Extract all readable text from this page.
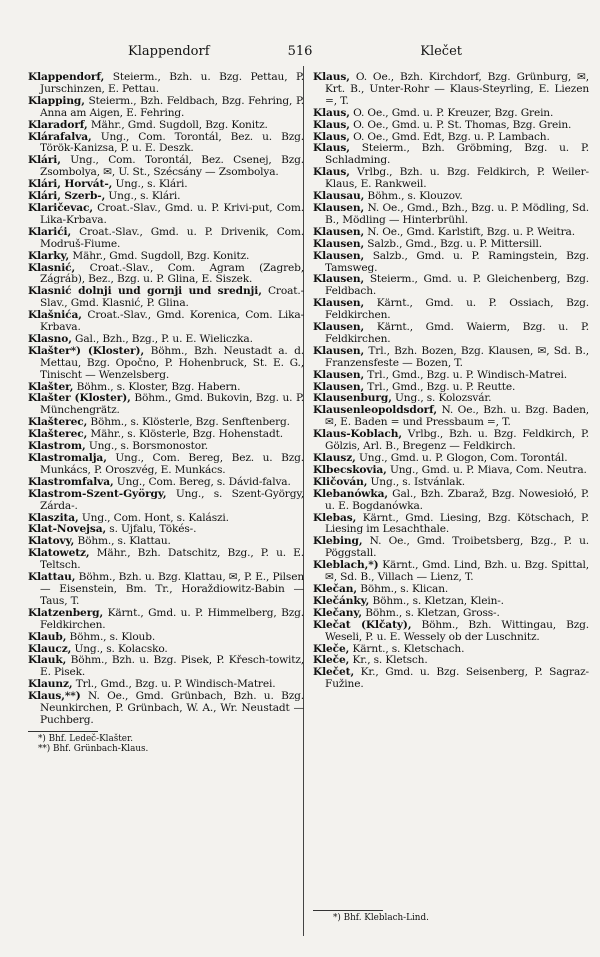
Klappendorf	516	Klečet

Klappendorf, Steierm., Bzh. u. Bzg. Pettau, P. Jurschinzen, E. Pettau.

Klapping, Steierm., Bzh. Feldbach, Bzg. Fehring, P. Anna am Aigen, E. Fehring.

Klaradorf, Mähr., Gmd. Sugdoll, Bzg. Konitz.

Klárafalva, Ung., Com. Torontál, Bez. u. Bzg. Török-Kanizsa, P. u. E. Deszk.

Klári, Ung., Com. Torontál, Bez. Csenej, Bzg. Zsombolya, ✉, U. St., Szécsány — Zsombolya.

Klári, Horvát-, Ung., s. Klári.

Klári, Szerb-, Ung., s. Klári.

Klaričevac, Croat.-Slav., Gmd. u. P. Krivi-put, Com. Lika-Krbava.

Klarići, Croat.-Slav., Gmd. u. P. Drivenik, Com. Modruš-Fiume.

Klarky, Mähr., Gmd. Sugdoll, Bzg. Konitz.

Klasnić, Croat.-Slav., Com. Agram (Zagreb, Zágráb), Bez., Bzg. u. P. Glina, E. Siszek.

Klasnić dolnji und gornji und srednji, Croat.-Slav., Gmd. Klasnić, P. Glina.

Klašnića, Croat.-Slav., Gmd. Korenica, Com. Lika-Krbava.

Klasno, Gal., Bzh., Bzg., P. u. E. Wieliczka.

Klašter*) (Kloster), Böhm., Bzh. Neustadt a. d. Mettau, Bzg. Opočno, P. Hohenbruck, St. E. G., Tinischt — Wenzelsberg.

Klašter, Böhm., s. Kloster, Bzg. Habern.

Klašter (Kloster), Böhm., Gmd. Bukovin, Bzg. u. P. Münchengrätz.

Klašterec, Böhm., s. Klösterle, Bzg. Senftenberg.

Klašterec, Mähr., s. Klösterle, Bzg. Hohenstadt.

Klastrom, Ung., s. Borsmonostor.

Klastromalja, Ung., Com. Bereg, Bez. u. Bzg. Munkács, P. Oroszvég, E. Munkács.

Klastromfalva, Ung., Com. Bereg, s. Dávid-falva.

Klastrom-Szent-György, Ung., s. Szent-György, Zárda-.

Klaszita, Ung., Com. Hont, s. Kalászi.

Klat-Novejsa, s. Ujfalu, Tökés-.

Klatovy, Böhm., s. Klattau.

Klatowetz, Mähr., Bzh. Datschitz, Bzg., P. u. E. Teltsch.

Klattau, Böhm., Bzh. u. Bzg. Klattau, ✉, P. E., Pilsen — Eisenstein, Bm. Tr., Horaždiowitz-Babin — Taus, T.

Klatzenberg, Kärnt., Gmd. u. P. Himmelberg, Bzg. Feldkirchen.

Klaub, Böhm., s. Kloub.

Klaucz, Ung., s. Kolacsko.

Klauk, Böhm., Bzh. u. Bzg. Pisek, P. Křesch-towitz, E. Pisek.

Klaunz, Trl., Gmd., Bzg. u. P. Windisch-Matrei.

Klaus,**) N. Oe., Gmd. Grünbach, Bzh. u. Bzg. Neunkirchen, P. Grünbach, W. A., Wr. Neustadt — Puchberg.

*) Bhf. Ledeč-Klašter.
**) Bhf. Grünbach-Klaus.

Klaus, O. Oe., Bzh. Kirchdorf, Bzg. Grünburg, ✉, Krt. B., Unter-Rohr — Klaus-Steyrling, E. Liezen =, T.

Klaus, O. Oe., Gmd. u. P. Kreuzer, Bzg. Grein.

Klaus, O. Oe., Gmd. u. P. St. Thomas, Bzg. Grein.

Klaus, O. Oe., Gmd. Edt, Bzg. u. P. Lambach.

Klaus, Steierm., Bzh. Gröbming, Bzg. u. P. Schladming.

Klaus, Vrlbg., Bzh. u. Bzg. Feldkirch, P. Weiler-Klaus, E. Rankweil.

Klausau, Böhm., s. Klouzov.

Klausen, N. Oe., Gmd., Bzh., Bzg. u. P. Mödling, Sd. B., Mödling — Hinterbrühl.

Klausen, N. Oe., Gmd. Karlstift, Bzg. u. P. Weitra.

Klausen, Salzb., Gmd., Bzg. u. P. Mittersill.

Klausen, Salzb., Gmd. u. P. Ramingstein, Bzg. Tamsweg.

Klausen, Steierm., Gmd. u. P. Gleichenberg, Bzg. Feldbach.

Klausen, Kärnt., Gmd. u. P. Ossiach, Bzg. Feldkirchen.

Klausen, Kärnt., Gmd. Waierm, Bzg. u. P. Feldkirchen.

Klausen, Trl., Bzh. Bozen, Bzg. Klausen, ✉, Sd. B., Franzensfeste — Bozen, T.

Klausen, Trl., Gmd., Bzg. u. P. Windisch-Matrei.

Klausen, Trl., Gmd., Bzg. u. P. Reutte.

Klausenburg, Ung., s. Kolozsvár.

Klausenleopoldsdorf, N. Oe., Bzh. u. Bzg. Baden, ✉, E. Baden = und Pressbaum =, T.

Klaus-Koblach, Vrlbg., Bzh. u. Bzg. Feldkirch, P. Gölzis, Arl. B., Bregenz — Feldkirch.

Klausz, Ung., Gmd. u. P. Glogon, Com. Torontál.

Klbecskovia, Ung., Gmd. u. P. Miava, Com. Neutra.

Kličován, Ung., s. Istvánlak.

Klebanówka, Gal., Bzh. Zbaraž, Bzg. Nowesiołó, P. u. E. Bogdanówka.

Klebas, Kärnt., Gmd. Liesing, Bzg. Kötschach, P. Liesing im Lesachthale.

Klebing, N. Oe., Gmd. Troibetsberg, Bzg., P. u. Pöggstall.

Kleblach,*) Kärnt., Gmd. Lind, Bzh. u. Bzg. Spittal, ✉, Sd. B., Villach — Lienz, T.

Klečan, Böhm., s. Klican.

Klečánky, Böhm., s. Kletzan, Klein-.

Klečany, Böhm., s. Kletzan, Gross-.

Klečat (Klčaty), Böhm., Bzh. Wittingau, Bzg. Weseli, P. u. E. Wessely ob der Luschnitz.

Kleče, Kärnt., s. Kletschach.

Kleče, Kr., s. Kletsch.

Klečet, Kr., Gmd. u. Bzg. Seisenberg, P. Sagraz-Fužine.

*) Bhf. Kleblach-Lind.
